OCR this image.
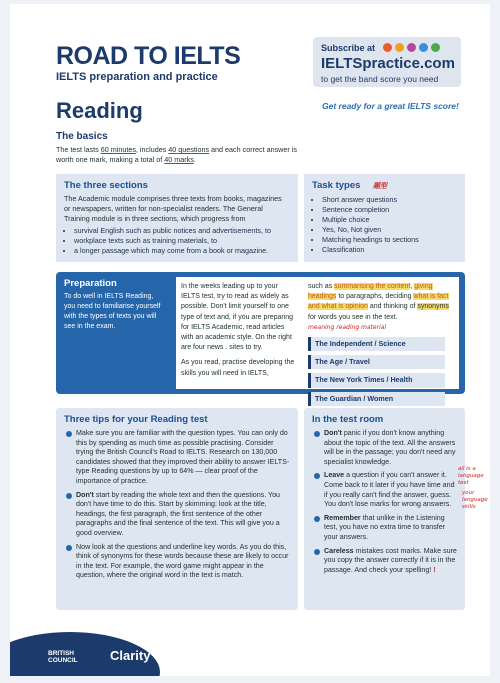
ROAD TO IELTS
IELTS preparation and practice
Subscribe at
IELTSpractice.com
to get the band score you need
Get ready for a great IELTS score!
Reading
The basics
The test lasts 60 minutes, includes 40 questions and each correct answer is worth one mark, making a total of 40 marks.
The three sections
The Academic module comprises three texts from books, magazines or newspapers, written for non-specialist readers. The General Training module is in three sections, which progress from
• survival English such as public notices and advertisements, to
• workplace texts such as training materials, to
• a longer passage which may come from a book or magazine.
Task types 题型
• Short answer questions
• Sentence completion
• Multiple choice
• Yes, No, Not given
• Matching headings to sections
• Classification
Preparation
To do well in IELTS Reading, you need to familiarise yourself with the types of texts you will see in the exam.
In the weeks leading up to your IELTS test, try to read as widely as possible. Don't limit yourself to one type of text and, if you are preparing for IELTS Academic, read articles with an academic style. On the right are four news . sites to try.
As you read, practise developing the skills you will need in IELTS,
such as summarising the content, giving headings to paragraphs, deciding what is fact and what is opinion and thinking of synonyms for words you see in the text.
meaning reading material
The Independent / Science
The Age / Travel
The New York Times / Health
The Guardian / Women
Three tips for your Reading test
Make sure you are familiar with the question types. You can only do this by spending as much time as possible practising. Consider trying the British Council's Road to IELTS. Research on 130,000 candidates showed that they improved their ability to answer IELTS-type Reading questions by up to 64% — clear proof of the importance of practice.
Don't start by reading the whole text and then the questions. You don't have time to do this. Start by skimming: look at the title, headings, the first paragraph, the first sentence of the other paragraphs and the final sentence of the text. This will give you a good overview.
Now look at the questions and underline key words. As you do this, think of synonyms for these words because these are likely to occur in the text. For example, the word game might appear in the question, where the original word in the text is match.
In the test room
Don't panic if you don't know anything about the topic of the text. All the answers will be in the passage; you don't need any specialist knowledge.
Leave a question if you can't answer it. Come back to it later if you have time and if you really can't find the answer, guess. You don't lose marks for wrong answers.
Remember that unlike in the Listening test, you have no extra time to transfer your answers.
Careless mistakes cost marks. Make sure you copy the answer correctly if it is in the passage. And check your spelling! !
all is a language test
your language skills
BRITISH
COUNCIL Clarity
